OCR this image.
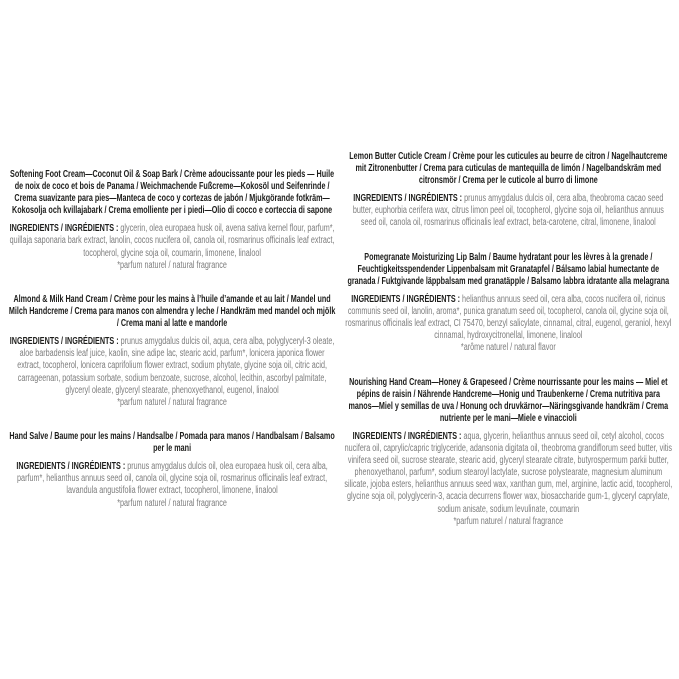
Softening Foot Cream—Coconut Oil & Soap Bark / Crème adoucissante pour les pieds — Huile de noix de coco et bois de Panama / Weichmachende Fußcreme—Kokosöl und Seifenrinde / Crema suavizante para pies—Manteca de coco y cortezas de jabón / Mjukgörande fotkräm—Kokosolja och kvillajabark / Crema emolliente per i piedi—Olio di cocco e corteccia di sapone

INGREDIENTS / INGRÉDIENTS : glycerin, olea europaea husk oil, avena sativa kernel flour, parfum*, quillaja saponaria bark extract, lanolin, cocos nucifera oil, canola oil, rosmarinus officinalis leaf extract, tocopherol, glycine soja oil, coumarin, limonene, linalool
*parfum naturel / natural fragrance

Almond & Milk Hand Cream / Crème pour les mains à l’huile d’amande et au lait / Mandel und Milch Handcreme / Crema para manos con almendra y leche / Handkräm med mandel och mjölk / Crema mani al latte e mandorle

INGREDIENTS / INGRÉDIENTS : prunus amygdalus dulcis oil, aqua, cera alba, polyglyceryl-3 oleate, aloe barbadensis leaf juice, kaolin, sine adipe lac, stearic acid, parfum*, lonicera japonica flower extract, tocopherol, lonicera caprifolium flower extract, sodium phytate, glycine soja oil, citric acid, carrageenan, potassium sorbate, sodium benzoate, sucrose, alcohol, lecithin, ascorbyl palmitate, glyceryl oleate, glyceryl stearate, phenoxyethanol, eugenol, linalool
*parfum naturel / natural fragrance

Hand Salve / Baume pour les mains / Handsalbe / Pomada para manos / Handbalsam / Balsamo per le mani

INGREDIENTS / INGRÉDIENTS : prunus amygdalus dulcis oil, olea europaea husk oil, cera alba, parfum*, helianthus annuus seed oil, canola oil, glycine soja oil, rosmarinus officinalis leaf extract, lavandula angustifolia flower extract, tocopherol, limonene, linalool
*parfum naturel / natural fragrance

Lemon Butter Cuticle Cream / Crème pour les cuticules au beurre de citron / Nagelhautcreme mit Zitronenbutter / Crema para cuticulas de mantequilla de limón / Nagelbandskräm med citronsmör / Crema per le cuticole al burro di limone

INGREDIENTS / INGRÉDIENTS : prunus amygdalus dulcis oil, cera alba, theobroma cacao seed butter, euphorbia cerifera wax, citrus limon peel oil, tocopherol, glycine soja oil, helianthus annuus seed oil, canola oil, rosmarinus officinalis leaf extract, beta-carotene, citral, limonene, linalool

Pomegranate Moisturizing Lip Balm / Baume hydratant pour les lèvres à la grenade / Feuchtigkeitsspendender Lippenbalsam mit Granatapfel / Bálsamo labial humectante de granada / Fuktgivande läppbalsam med granatäpple / Balsamo labbra idratante alla melagrana

INGREDIENTS / INGRÉDIENTS : helianthus annuus seed oil, cera alba, cocos nucifera oil, ricinus communis seed oil, lanolin, aroma*, punica granatum seed oil, tocopherol, canola oil, glycine soja oil, rosmarinus officinalis leaf extract, CI 75470, benzyl salicylate, cinnamal, citral, eugenol, geraniol, hexyl cinnamal, hydroxycitronellal, limonene, linalool
*arôme naturel / natural flavor

Nourishing Hand Cream—Honey & Grapeseed / Crème nourrissante pour les mains — Miel et pépins de raisin / Nährende Handcreme—Honig und Traubenkerne / Crema nutritiva para manos—Miel y semillas de uva / Honung och druvkärnor—Näringsgivande handkräm / Crema nutriente per le mani—Miele e vinaccioli

INGREDIENTS / INGRÉDIENTS : aqua, glycerin, helianthus annuus seed oil, cetyl alcohol, cocos nucifera oil, caprylic/capric triglyceride, adansonia digitata oil, theobroma grandiflorum seed butter, vitis vinifera seed oil, sucrose stearate, stearic acid, glyceryl stearate citrate, butyrospermum parkii butter, phenoxyethanol, parfum*, sodium stearoyl lactylate, sucrose polystearate, magnesium aluminum silicate, jojoba esters, helianthus annuus seed wax, xanthan gum, mel, arginine, lactic acid, tocopherol, glycine soja oil, polyglycerin-3, acacia decurrens flower wax, biosaccharide gum-1, glyceryl caprylate, sodium anisate, sodium levulinate, coumarin
*parfum naturel / natural fragrance
